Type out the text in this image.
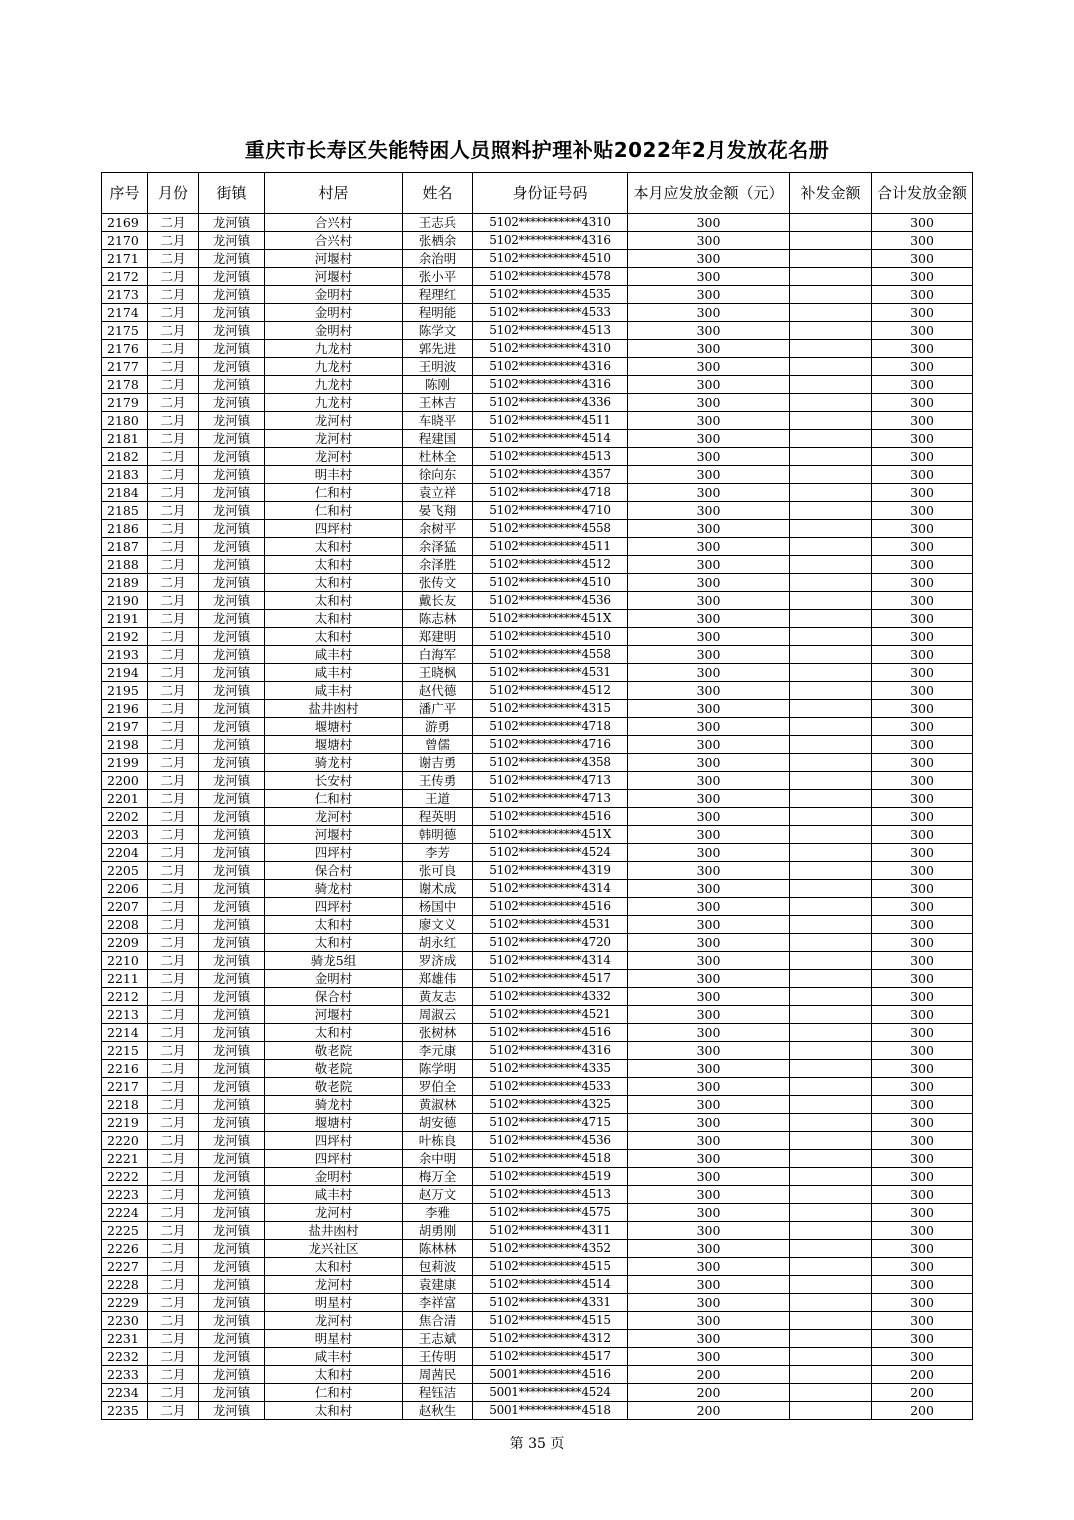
重庆市长寿区失能特困人员照料护理补贴2022年2月发放花名册
序号	月份	街镇	村居	姓名	身份证号码	本月应发放金额（元）	补发金额	合计发放金额
2169	二月	龙河镇	合兴村	王志兵	5102***********4310	300		300
2170	二月	龙河镇	合兴村	张栖余	5102***********4316	300		300
2171	二月	龙河镇	河堰村	余治明	5102***********4510	300		300
2172	二月	龙河镇	河堰村	张小平	5102***********4578	300		300
2173	二月	龙河镇	金明村	程理红	5102***********4535	300		300
2174	二月	龙河镇	金明村	程明能	5102***********4533	300		300
2175	二月	龙河镇	金明村	陈学文	5102***********4513	300		300
2176	二月	龙河镇	九龙村	郭先进	5102***********4310	300		300
2177	二月	龙河镇	九龙村	王明波	5102***********4316	300		300
2178	二月	龙河镇	九龙村	陈刚	5102***********4316	300		300
2179	二月	龙河镇	九龙村	王林吉	5102***********4336	300		300
2180	二月	龙河镇	龙河村	车晓平	5102***********4511	300		300
2181	二月	龙河镇	龙河村	程建国	5102***********4514	300		300
2182	二月	龙河镇	龙河村	杜林全	5102***********4513	300		300
2183	二月	龙河镇	明丰村	徐向东	5102***********4357	300		300
2184	二月	龙河镇	仁和村	袁立祥	5102***********4718	300		300
2185	二月	龙河镇	仁和村	晏飞翔	5102***********4710	300		300
2186	二月	龙河镇	四坪村	余树平	5102***********4558	300		300
2187	二月	龙河镇	太和村	余泽猛	5102***********4511	300		300
2188	二月	龙河镇	太和村	余泽胜	5102***********4512	300		300
2189	二月	龙河镇	太和村	张传文	5102***********4510	300		300
2190	二月	龙河镇	太和村	戴长友	5102***********4536	300		300
2191	二月	龙河镇	太和村	陈志林	5102***********451X	300		300
2192	二月	龙河镇	太和村	郑建明	5102***********4510	300		300
2193	二月	龙河镇	咸丰村	白海军	5102***********4558	300		300
2194	二月	龙河镇	咸丰村	王晓枫	5102***********4531	300		300
2195	二月	龙河镇	咸丰村	赵代德	5102***********4512	300		300
2196	二月	龙河镇	盐井凼村	潘广平	5102***********4315	300		300
2197	二月	龙河镇	堰塘村	游勇	5102***********4718	300		300
2198	二月	龙河镇	堰塘村	曾儒	5102***********4716	300		300
2199	二月	龙河镇	骑龙村	谢吉勇	5102***********4358	300		300
2200	二月	龙河镇	长安村	王传勇	5102***********4713	300		300
2201	二月	龙河镇	仁和村	王道	5102***********4713	300		300
2202	二月	龙河镇	龙河村	程英明	5102***********4516	300		300
2203	二月	龙河镇	河堰村	韩明德	5102***********451X	300		300
2204	二月	龙河镇	四坪村	李芳	5102***********4524	300		300
2205	二月	龙河镇	保合村	张可良	5102***********4319	300		300
2206	二月	龙河镇	骑龙村	谢术成	5102***********4314	300		300
2207	二月	龙河镇	四坪村	杨国中	5102***********4516	300		300
2208	二月	龙河镇	太和村	廖文义	5102***********4531	300		300
2209	二月	龙河镇	太和村	胡永红	5102***********4720	300		300
2210	二月	龙河镇	骑龙5组	罗济成	5102***********4314	300		300
2211	二月	龙河镇	金明村	郑雄伟	5102***********4517	300		300
2212	二月	龙河镇	保合村	黄友志	5102***********4332	300		300
2213	二月	龙河镇	河堰村	周淑云	5102***********4521	300		300
2214	二月	龙河镇	太和村	张树林	5102***********4516	300		300
2215	二月	龙河镇	敬老院	李元康	5102***********4316	300		300
2216	二月	龙河镇	敬老院	陈学明	5102***********4335	300		300
2217	二月	龙河镇	敬老院	罗伯全	5102***********4533	300		300
2218	二月	龙河镇	骑龙村	黄淑林	5102***********4325	300		300
2219	二月	龙河镇	堰塘村	胡安德	5102***********4715	300		300
2220	二月	龙河镇	四坪村	叶栋良	5102***********4536	300		300
2221	二月	龙河镇	四坪村	余中明	5102***********4518	300		300
2222	二月	龙河镇	金明村	梅万全	5102***********4519	300		300
2223	二月	龙河镇	咸丰村	赵万文	5102***********4513	300		300
2224	二月	龙河镇	龙河村	李雅	5102***********4575	300		300
2225	二月	龙河镇	盐井凼村	胡勇刚	5102***********4311	300		300
2226	二月	龙河镇	龙兴社区	陈林林	5102***********4352	300		300
2227	二月	龙河镇	太和村	包莉波	5102***********4515	300		300
2228	二月	龙河镇	龙河村	袁建康	5102***********4514	300		300
2229	二月	龙河镇	明星村	李祥富	5102***********4331	300		300
2230	二月	龙河镇	龙河村	焦合清	5102***********4515	300		300
2231	二月	龙河镇	明星村	王志斌	5102***********4312	300		300
2232	二月	龙河镇	咸丰村	王传明	5102***********4517	300		300
2233	二月	龙河镇	太和村	周茜民	5001***********4516	200		200
2234	二月	龙河镇	仁和村	程钰洁	5001***********4524	200		200
2235	二月	龙河镇	太和村	赵秋生	5001***********4518	200		200
第 35 页
